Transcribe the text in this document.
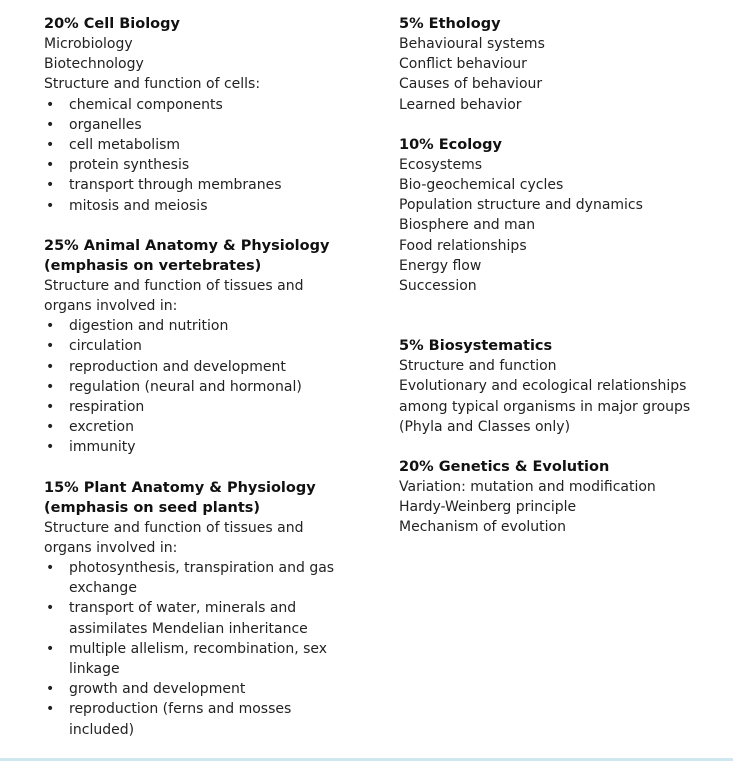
20% Cell Biology
Microbiology
Biotechnology
Structure and function of cells:
• chemical components
• organelles
• cell metabolism
• protein synthesis
• transport through membranes
• mitosis and meiosis
25% Animal Anatomy & Physiology
(emphasis on vertebrates)
Structure and function of tissues and
organs involved in:
• digestion and nutrition
• circulation
• reproduction and development
• regulation (neural and hormonal)
• respiration
• excretion
• immunity
15% Plant Anatomy & Physiology
(emphasis on seed plants)
Structure and function of tissues and
organs involved in:
• photosynthesis, transpiration and gas
exchange
• transport of water, minerals and
assimilates Mendelian inheritance
• multiple allelism, recombination, sex
linkage
• growth and development
• reproduction (ferns and mosses
included)
5% Ethology
Behavioural systems
Conflict behaviour
Causes of behaviour
Learned behavior
10% Ecology
Ecosystems
Bio-geochemical cycles
Population structure and dynamics
Biosphere and man
Food relationships
Energy flow
Succession
5% Biosystematics
Structure and function
Evolutionary and ecological relationships
among typical organisms in major groups
(Phyla and Classes only)
20% Genetics & Evolution
Variation: mutation and modification
Hardy-Weinberg principle
Mechanism of evolution
